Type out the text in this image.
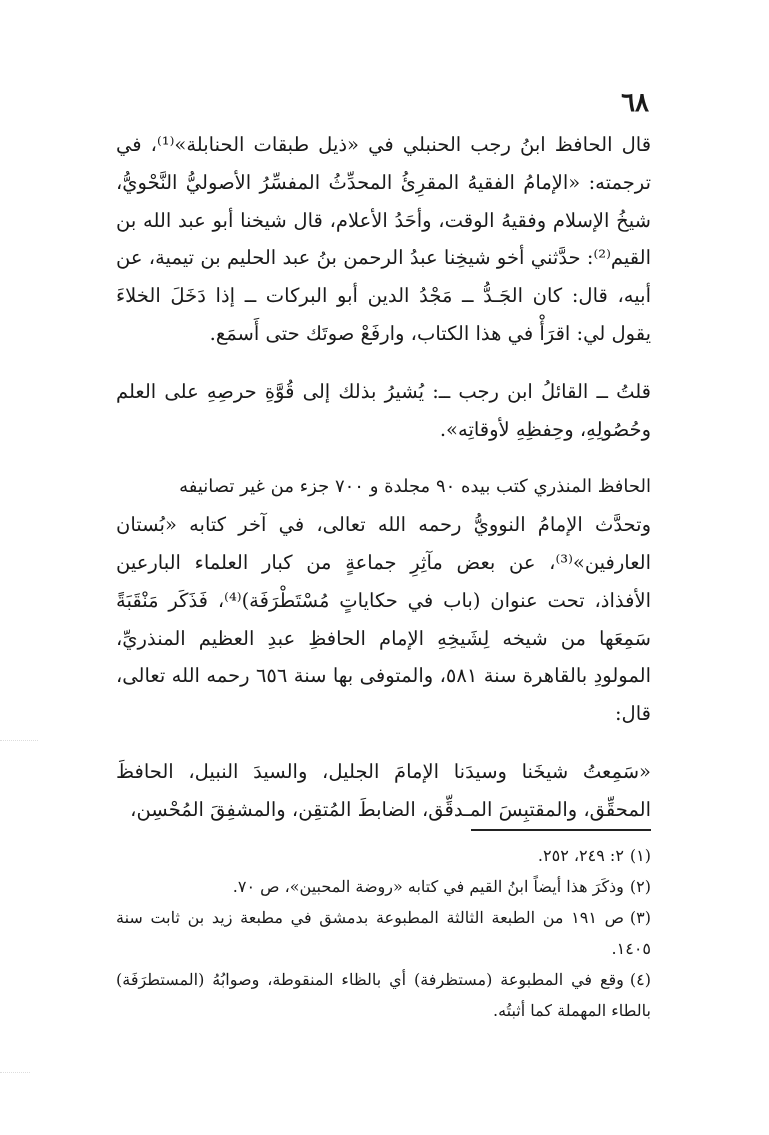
٦٨

قال الحافظ ابنُ رجب الحنبلي في «ذيل طبقات الحنابلة»⁽¹⁾، في ترجمته: «الإمامُ الفقيهُ المقرِئُ المحدِّثُ المفسِّرُ الأصوليُّ النَّحْويُّ، شيخُ الإسلام وفقيهُ الوقت، وأحَدُ الأعلام، قال شيخنا أبو عبد الله بن القيم⁽²⁾: حدَّثني أخو شيخِنا عبدُ الرحمن بنُ عبد الحليم بن تيمية، عن أبيه، قال: كان الجَـدُّ ــ مَجْدُ الدين أبو البركات ــ إذا دَخَلَ الخلاءَ يقول لي: اقرَأْ في هذا الكتاب، وارفَعْ صوتَك حتى أَسمَع.

قلتُ ــ القائلُ ابن رجب ــ: يُشيرُ بذلك إلى قُوَّةِ حرصِهِ على العلم وحُصُولِهِ، وحِفظِهِ لأوقاتِه».

الحافظ المنذري كتب بيده ٩٠ مجلدة و ٧٠٠ جزء من غير تصانيفه

وتحدَّث الإمامُ النوويُّ رحمه الله تعالى، في آخر كتابه «بُستان العارفين»⁽³⁾، عن بعض مآثِرِ جماعةٍ من كبار العلماء البارعين الأفذاذ، تحت عنوان (باب في حكاياتٍ مُسْتَطْرَفَة)⁽⁴⁾، فَذَكَر مَنْقَبَةً سَمِعَها من شيخه لِشَيخِهِ الإمام الحافظِ عبدِ العظيم المنذريِّ، المولودِ بالقاهرة سنة ٥٨١، والمتوفى بها سنة ٦٥٦ رحمه الله تعالى، قال:

«سَمِعتُ شيخَنا وسيدَنا الإمامَ الجليل، والسيدَ النبيل، الحافظَ المحقِّق، والمقتبِسَ المـدقِّق، الضابطَ المُتقِن، والمشفِقَ المُحْسِن،

(١)٢: ٢٤٩، ٢٥٢.

(٢)وذكَرَ هذا أيضاً ابنُ القيم في كتابه «روضة المحبين»، ص ٧٠.

(٣)ص ١٩١ من الطبعة الثالثة المطبوعة بدمشق في مطبعة زيد بن ثابت سنة ١٤٠٥.

(٤)وقع في المطبوعة (مستظرفة) أي بالظاء المنقوطة، وصوابُهُ (المستطرَفَة) بالطاء المهملة كما أثبتُه.
